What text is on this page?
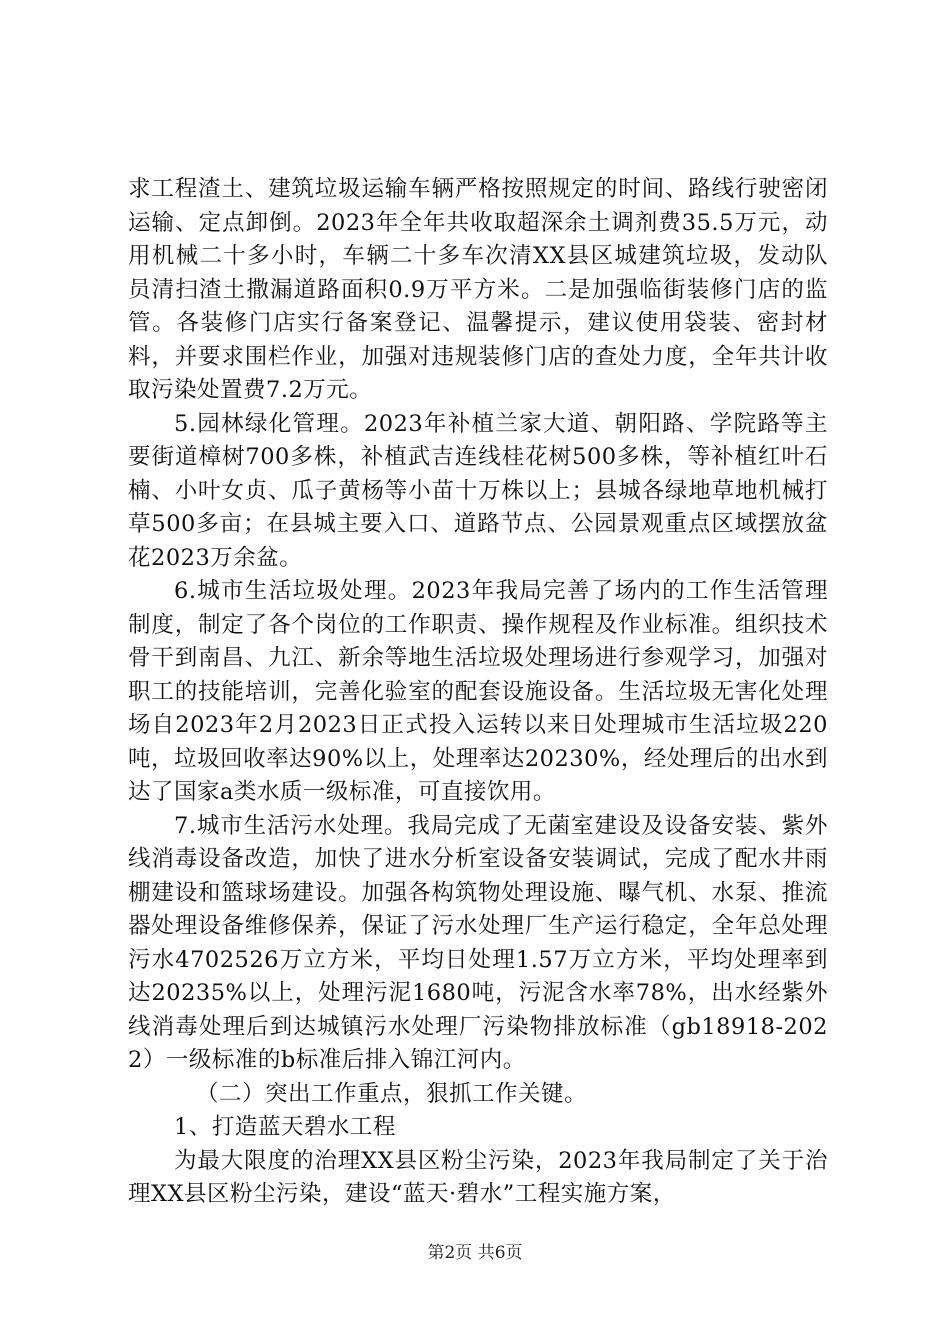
求工程渣土、建筑垃圾运输车辆严格按照规定的时间、路线行驶密闭运输、定点卸倒。2023年全年共收取超深余土调剂费35.5万元，动用机械二十多小时，车辆二十多车次清XX县区城建筑垃圾，发动队员清扫渣土撒漏道路面积0.9万平方米。二是加强临街装修门店的监管。各装修门店实行备案登记、温馨提示，建议使用袋装、密封材料，并要求围栏作业，加强对违规装修门店的查处力度，全年共计收取污染处置费7.2万元。

5.园林绿化管理。2023年补植兰家大道、朝阳路、学院路等主要街道樟树700多株，补植武吉连线桂花树500多株，等补植红叶石楠、小叶女贞、瓜子黄杨等小苗十万株以上；县城各绿地草地机械打草500多亩；在县城主要入口、道路节点、公园景观重点区域摆放盆花2023万余盆。

6.城市生活垃圾处理。2023年我局完善了场内的工作生活管理制度，制定了各个岗位的工作职责、操作规程及作业标准。组织技术骨干到南昌、九江、新余等地生活垃圾处理场进行参观学习，加强对职工的技能培训，完善化验室的配套设施设备。生活垃圾无害化处理场自2023年2月2023日正式投入运转以来日处理城市生活垃圾220吨，垃圾回收率达90%以上，处理率达20230%，经处理后的出水到达了国家a类水质一级标准，可直接饮用。

7.城市生活污水处理。我局完成了无菌室建设及设备安装、紫外线消毒设备改造，加快了进水分析室设备安装调试，完成了配水井雨棚建设和篮球场建设。加强各构筑物处理设施、曝气机、水泵、推流器处理设备维修保养，保证了污水处理厂生产运行稳定，全年总处理污水4702526万立方米，平均日处理1.57万立方米，平均处理率到达20235%以上，处理污泥1680吨，污泥含水率78%，出水经紫外线消毒处理后到达城镇污水处理厂污染物排放标准（gb18918-2022）一级标准的b标准后排入锦江河内。

（二）突出工作重点，狠抓工作关键。

1、打造蓝天碧水工程

为最大限度的治理XX县区粉尘污染，2023年我局制定了关于治理XX县区粉尘污染，建设“蓝天·碧水”工程实施方案，

第2页 共6页
